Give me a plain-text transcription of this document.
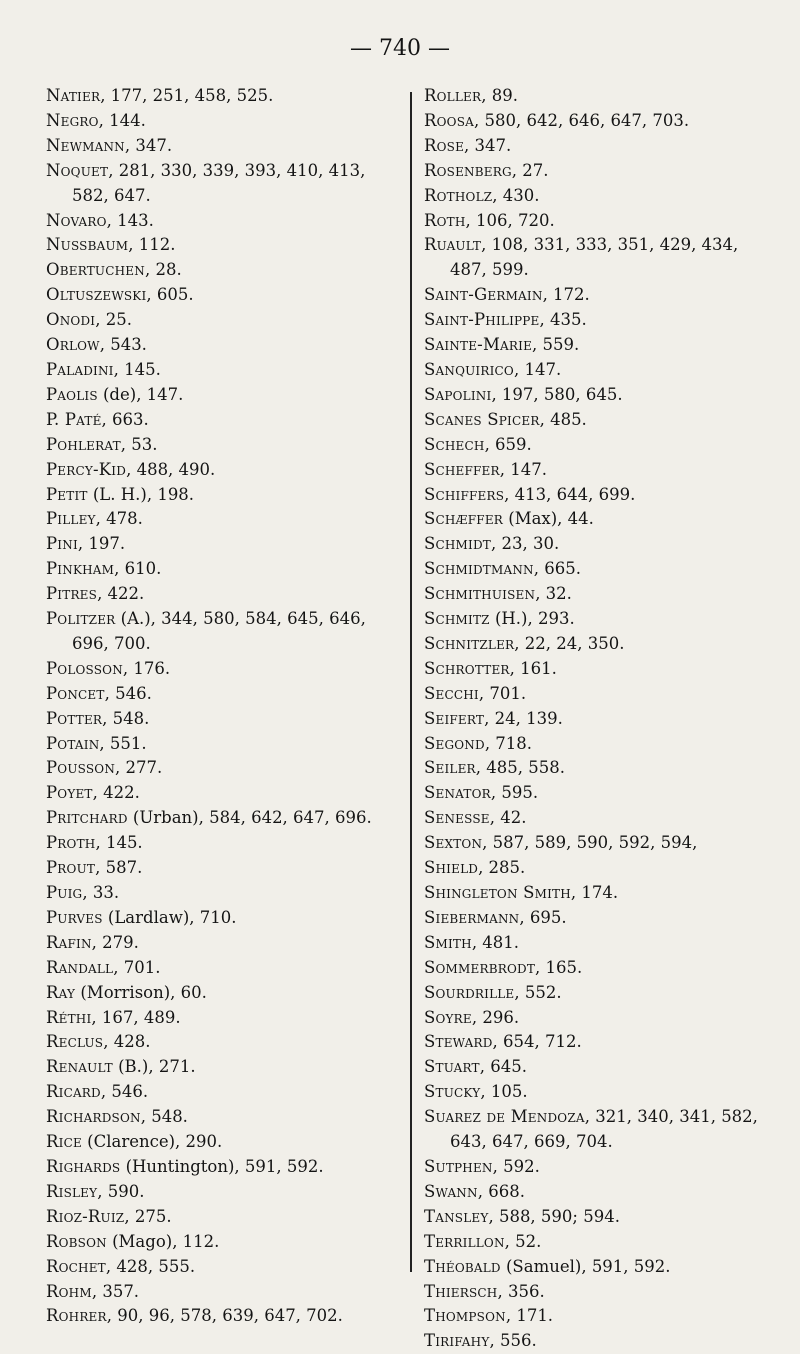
— 740 —
Natier, 177, 251, 458, 525.
Negro, 144.
Newmann, 347.
Noquet, 281, 330, 339, 393, 410, 413, 582, 647.
Novaro, 143.
Nussbaum, 112.
Obertuchen, 28.
Oltuszewski, 605.
Onodi, 25.
Orlow, 543.
Paladini, 145.
Paolis (de), 147.
P. Paté, 663.
Pohlerat, 53.
Percy-Kid, 488, 490.
Petit (L. H.), 198.
Pilley, 478.
Pini, 197.
Pinkham, 610.
Pitres, 422.
Politzer (A.), 344, 580, 584, 645, 646, 696, 700.
Polosson, 176.
Poncet, 546.
Potter, 548.
Potain, 551.
Pousson, 277.
Poyet, 422.
Pritchard (Urban), 584, 642, 647, 696.
Proth, 145.
Prout, 587.
Puig, 33.
Purves (Lardlaw), 710.
Rafin, 279.
Randall, 701.
Ray (Morrison), 60.
Réthi, 167, 489.
Reclus, 428.
Renault (B.), 271.
Ricard, 546.
Richardson, 548.
Rice (Clarence), 290.
Righards (Huntington), 591, 592.
Risley, 590.
Rioz-Ruiz, 275.
Robson (Mago), 112.
Rochet, 428, 555.
Rohm, 357.
Rohrer, 90, 96, 578, 639, 647, 702.
Roller, 89.
Roosa, 580, 642, 646, 647, 703.
Rose, 347.
Rosenberg, 27.
Rotholz, 430.
Roth, 106, 720.
Ruault, 108, 331, 333, 351, 429, 434, 487, 599.
Saint-Germain, 172.
Saint-Philippe, 435.
Sainte-Marie, 559.
Sanquirico, 147.
Sapolini, 197, 580, 645.
Scanes Spicer, 485.
Schech, 659.
Scheffer, 147.
Schiffers, 413, 644, 699.
Schæffer (Max), 44.
Schmidt, 23, 30.
Schmidtmann, 665.
Schmithuisen, 32.
Schmitz (H.), 293.
Schnitzler, 22, 24, 350.
Schrotter, 161.
Secchi, 701.
Seifert, 24, 139.
Segond, 718.
Seiler, 485, 558.
Senator, 595.
Senesse, 42.
Sexton, 587, 589, 590, 592, 594,
Shield, 285.
Shingleton Smith, 174.
Siebermann, 695.
Smith, 481.
Sommerbrodt, 165.
Sourdrille, 552.
Soyre, 296.
Steward, 654, 712.
Stuart, 645.
Stucky, 105.
Suarez de Mendoza, 321, 340, 341, 582, 643, 647, 669, 704.
Sutphen, 592.
Swann, 668.
Tansley, 588, 590; 594.
Terrillon, 52.
Théobald (Samuel), 591, 592.
Thiersch, 356.
Thompson, 171.
Tirifahy, 556.
